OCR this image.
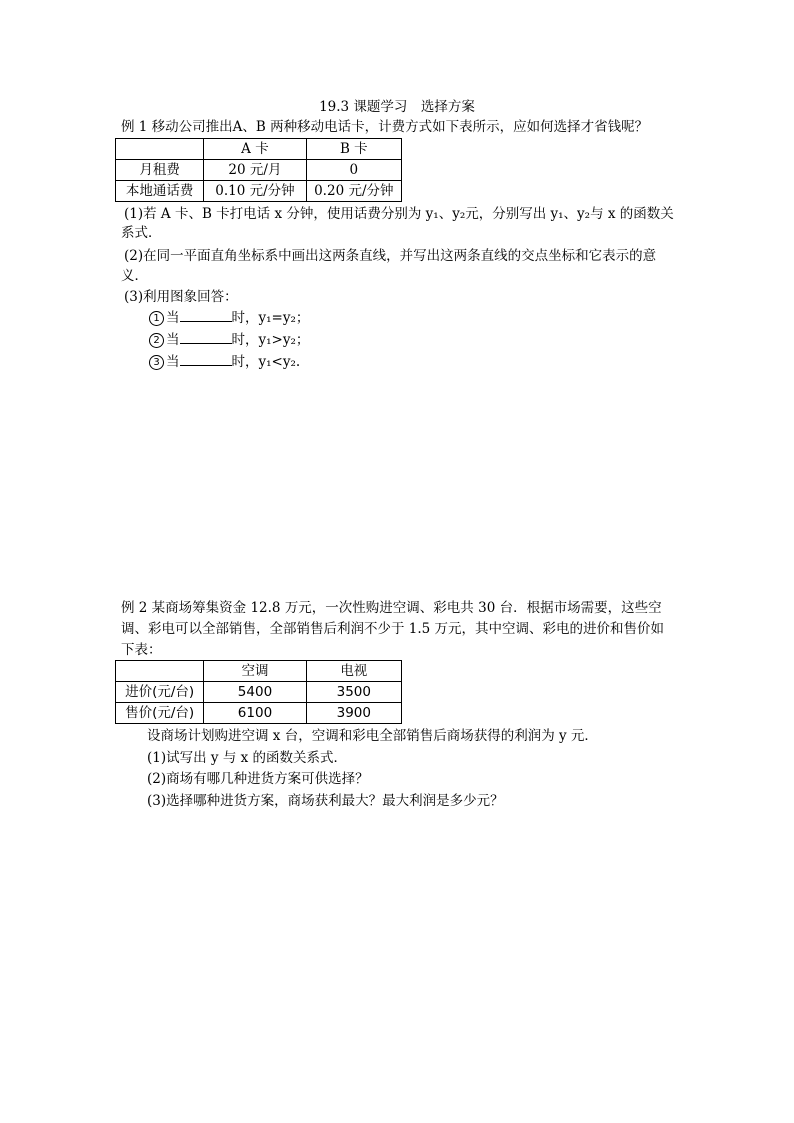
19.3 课题学习　选择方案
例 1 移动公司推出A、B 两种移动电话卡，计费方式如下表所示，应如何选择才省钱呢？
	A 卡	B 卡
月租费	20 元/月	0
本地通话费	0.10 元/分钟	0.20 元/分钟
(1)若 A 卡、B 卡打电话 x 分钟，使用话费分别为 y₁、y₂元，分别写出 y₁、y₂与 x 的函数关
系式．
(2)在同一平面直角坐标系中画出这两条直线，并写出这两条直线的交点坐标和它表示的意
义．
(3)利用图象回答：
1 当	时，y₁=y₂；
2 当	时，y₁>y₂；
3 当	时，y₁<y₂.
例 2 某商场筹集资金 12.8 万元，一次性购进空调、彩电共 30 台．根据市场需要，这些空
调、彩电可以全部销售，全部销售后利润不少于 1.5 万元，其中空调、彩电的进价和售价如
下表：
	空调	电视
进价(元/台)	5400	3500
售价(元/台)	6100	3900
设商场计划购进空调 x 台，空调和彩电全部销售后商场获得的利润为 y 元．
(1)试写出 y 与 x 的函数关系式．
(2)商场有哪几种进货方案可供选择？
(3)选择哪种进货方案，商场获利最大？最大利润是多少元？
